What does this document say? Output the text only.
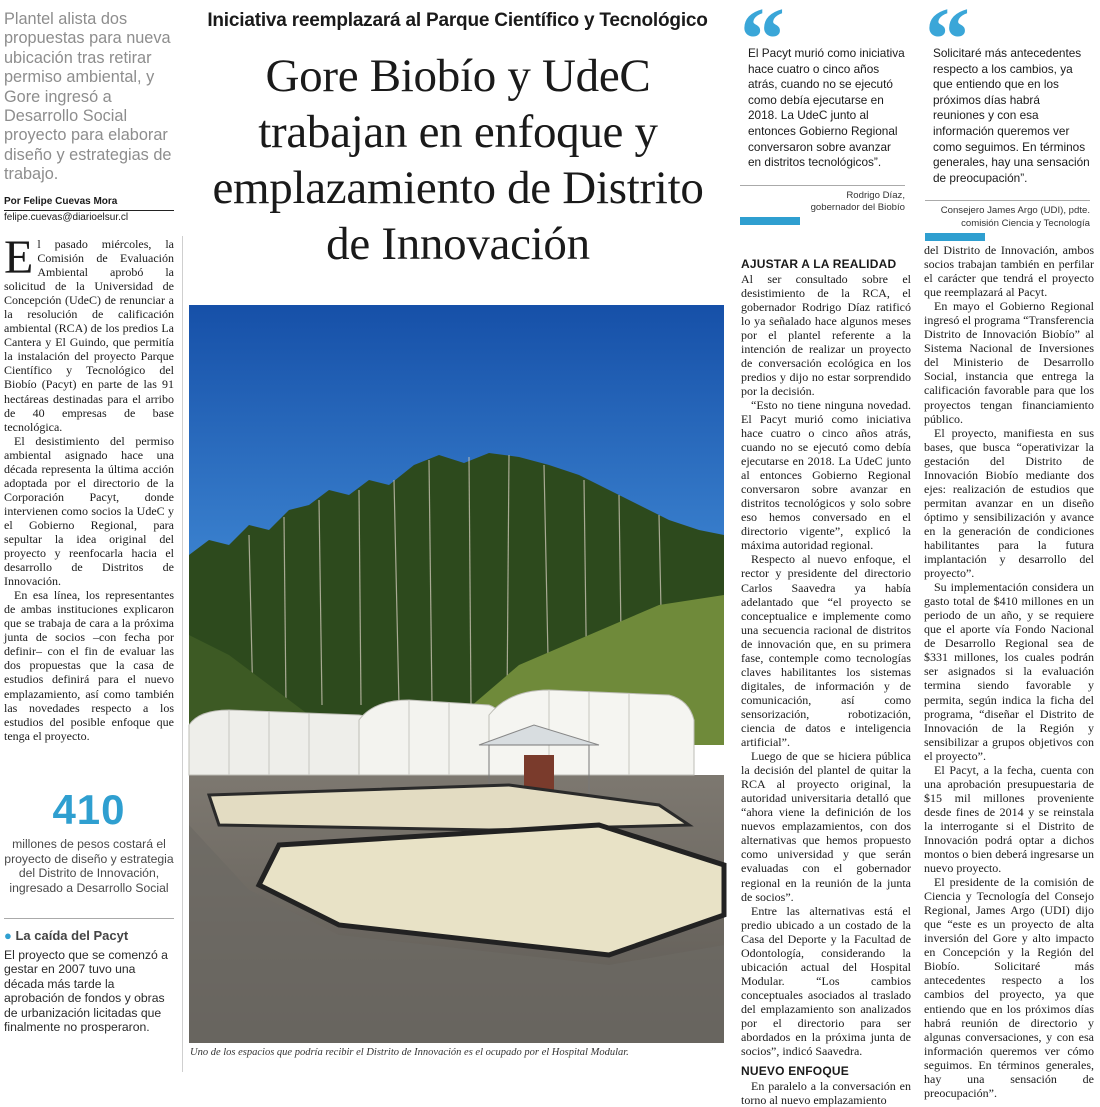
Plantel alista dos propuestas para nueva ubicación tras retirar permiso ambiental, y Gore ingresó a Desarrollo Social proyecto para elaborar diseño y estrategias de trabajo.
Por Felipe Cuevas Mora
felipe.cuevas@diarioelsur.cl

El pasado miércoles, la Comisión de Evaluación Ambiental aprobó la solicitud de la Universidad de Concepción (UdeC) de renunciar a la resolución de calificación ambiental (RCA) de los predios La Cantera y El Guindo, que permitía la instalación del proyecto Parque Científico y Tecnológico del Biobío (Pacyt) en parte de las 91 hectáreas destinadas para el arribo de 40 empresas de base tecnológica.

El desistimiento del permiso ambiental asignado hace una década representa la última acción adoptada por el directorio de la Corporación Pacyt, donde intervienen como socios la UdeC y el Gobierno Regional, para sepultar la idea original del proyecto y reenfocarla hacia el desarrollo de Distritos de Innovación.

En esa línea, los representantes de ambas instituciones explicaron que se trabaja de cara a la próxima junta de socios –con fecha por definir– con el fin de evaluar las dos propuestas que la casa de estudios definirá para el nuevo emplazamiento, así como también las novedades respecto a los estudios del posible enfoque que tenga el proyecto.

410
millones de pesos costará el proyecto de diseño y estrategia del Distrito de Innovación, ingresado a Desarrollo Social
● La caída del Pacyt
El proyecto que se comenzó a gestar en 2007 tuvo una década más tarde la aprobación de fondos y obras de urbanización licitadas que finalmente no prosperaron.
Iniciativa reemplazará al Parque Científico y Tecnológico
Gore Biobío y UdeC trabajan en enfoque y emplazamiento de Distrito de Innovación
Uno de los espacios que podría recibir el Distrito de Innovación es el ocupado por el Hospital Modular.
“
El Pacyt murió como iniciativa hace cuatro o cinco años atrás, cuando no se ejecutó como debía ejecutarse en 2018. La UdeC junto al entonces Gobierno Regional conversaron sobre avanzar en distritos tecnológicos”.
Rodrigo Díaz,
gobernador del Biobío
“
Solicitaré más antecedentes respecto a los cambios, ya que entiendo que en los próximos días habrá reuniones y con esa información queremos ver como seguimos. En términos generales, hay una sensación de preocupación”.
Consejero James Argo (UDI), pdte.
comisión Ciencia y Tecnología
AJUSTAR A LA REALIDAD

Al ser consultado sobre el desistimiento de la RCA, el gobernador Rodrigo Díaz ratificó lo ya señalado hace algunos meses por el plantel referente a la intención de realizar un proyecto de conversación ecológica en los predios y dijo no estar sorprendido por la decisión.

“Esto no tiene ninguna novedad. El Pacyt murió como iniciativa hace cuatro o cinco años atrás, cuando no se ejecutó como debía ejecutarse en 2018. La UdeC junto al entonces Gobierno Regional conversaron sobre avanzar en distritos tecnológicos y solo sobre eso hemos conversado en el directorio vigente”, explicó la máxima autoridad regional.

Respecto al nuevo enfoque, el rector y presidente del directorio Carlos Saavedra ya había adelantado que “el proyecto se conceptualice e implemente como una secuencia racional de distritos de innovación que, en su primera fase, contemple como tecnologías claves habilitantes los sistemas digitales, de información y de comunicación, así como sensorización, robotización, ciencia de datos e inteligencia artificial”.

Luego de que se hiciera pública la decisión del plantel de quitar la RCA al proyecto original, la autoridad universitaria detalló que “ahora viene la definición de los nuevos emplazamientos, con dos alternativas que hemos propuesto como universidad y que serán evaluadas con el gobernador regional en la reunión de la junta de socios”.

Entre las alternativas está el predio ubicado a un costado de la Casa del Deporte y la Facultad de Odontología, considerando la ubicación actual del Hospital Modular. “Los cambios conceptuales asociados al traslado del emplazamiento son analizados por el directorio para ser abordados en la próxima junta de socios”, indicó Saavedra.

NUEVO ENFOQUE

En paralelo a la conversación en torno al nuevo emplazamiento

del Distrito de Innovación, ambos socios trabajan también en perfilar el carácter que tendrá el proyecto que reemplazará al Pacyt.

En mayo el Gobierno Regional ingresó el programa “Transferencia Distrito de Innovación Biobío” al Sistema Nacional de Inversiones del Ministerio de Desarrollo Social, instancia que entrega la calificación favorable para que los proyectos tengan financiamiento público.

El proyecto, manifiesta en sus bases, que busca “operativizar la gestación del Distrito de Innovación Biobío mediante dos ejes: realización de estudios que permitan avanzar en un diseño óptimo y sensibilización y avance en la generación de condiciones habilitantes para la futura implantación y desarrollo del proyecto”.

Su implementación considera un gasto total de $410 millones en un periodo de un año, y se requiere que el aporte vía Fondo Nacional de Desarrollo Regional sea de $331 millones, los cuales podrán ser asignados si la evaluación termina siendo favorable y permita, según indica la ficha del programa, “diseñar el Distrito de Innovación de la Región y sensibilizar a grupos objetivos con el proyecto”.

El Pacyt, a la fecha, cuenta con una aprobación presupuestaria de $15 mil millones proveniente desde fines de 2014 y se reinstala la interrogante si el Distrito de Innovación podrá optar a dichos montos o bien deberá ingresarse un nuevo proyecto.

El presidente de la comisión de Ciencia y Tecnología del Consejo Regional, James Argo (UDI) dijo que “este es un proyecto de alta inversión del Gore y alto impacto en Concepción y la Región del Biobío. Solicitaré más antecedentes respecto a los cambios del proyecto, ya que entiendo que en los próximos días habrá reunión de directorio y algunas conversaciones, y con esa información queremos ver cómo seguimos. En términos generales, hay una sensación de preocupación”.
